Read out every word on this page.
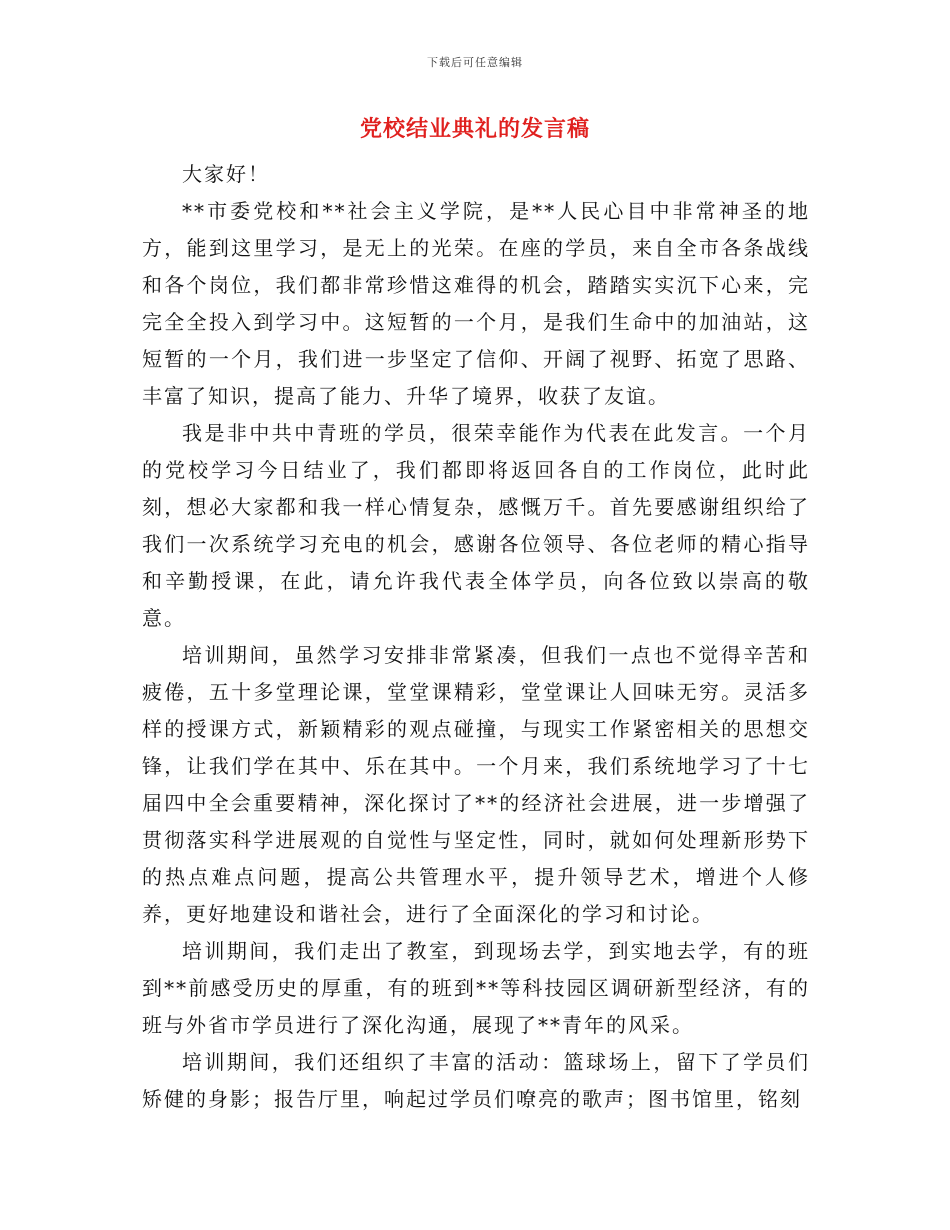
下载后可任意编辑
党校结业典礼的发言稿

大家好！

**市委党校和**社会主义学院，是**人民心目中非常神圣的地方，能到这里学习，是无上的光荣。在座的学员，来自全市各条战线和各个岗位，我们都非常珍惜这难得的机会，踏踏实实沉下心来，完完全全投入到学习中。这短暂的一个月，是我们生命中的加油站，这短暂的一个月，我们进一步坚定了信仰、开阔了视野、拓宽了思路、丰富了知识，提高了能力、升华了境界，收获了友谊。

我是非中共中青班的学员，很荣幸能作为代表在此发言。一个月的党校学习今日结业了，我们都即将返回各自的工作岗位，此时此刻，想必大家都和我一样心情复杂，感慨万千。首先要感谢组织给了我们一次系统学习充电的机会，感谢各位领导、各位老师的精心指导和辛勤授课，在此，请允许我代表全体学员，向各位致以崇高的敬意。

培训期间，虽然学习安排非常紧凑，但我们一点也不觉得辛苦和疲倦，五十多堂理论课，堂堂课精彩，堂堂课让人回味无穷。灵活多样的授课方式，新颖精彩的观点碰撞，与现实工作紧密相关的思想交锋，让我们学在其中、乐在其中。一个月来，我们系统地学习了十七届四中全会重要精神，深化探讨了**的经济社会进展，进一步增强了贯彻落实科学进展观的自觉性与坚定性，同时，就如何处理新形势下的热点难点问题，提高公共管理水平，提升领导艺术，增进个人修养，更好地建设和谐社会，进行了全面深化的学习和讨论。

培训期间，我们走出了教室，到现场去学，到实地去学，有的班到**前感受历史的厚重，有的班到**等科技园区调研新型经济，有的班与外省市学员进行了深化沟通，展现了**青年的风采。

培训期间，我们还组织了丰富的活动：篮球场上，留下了学员们矫健的身影；报告厅里，响起过学员们嘹亮的歌声；图书馆里，铭刻
